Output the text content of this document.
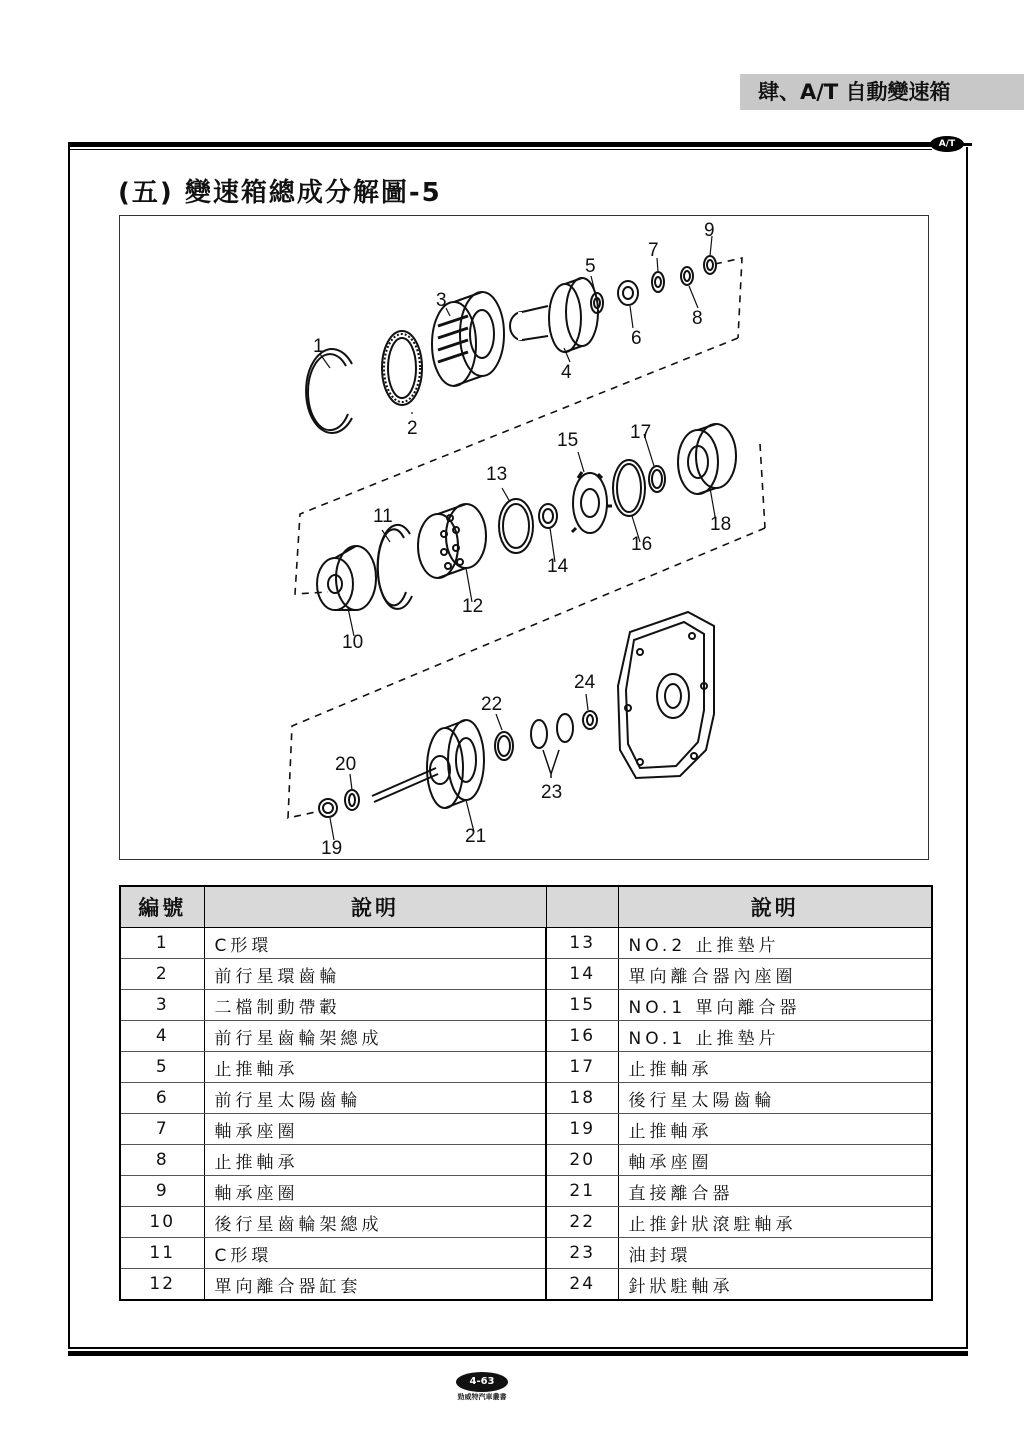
肆、A/T 自動變速箱
A/T
(五) 變速箱總成分解圖-5
1
2
3
4
5
6
7
8
9
10
11
12
13
14
15
16
17
18
19
20
21
22
23
24
編號	說明		說明
1	C形環	13	NO.2 止推墊片
2	前行星環齒輪	14	單向離合器內座圈
3	二檔制動帶轂	15	NO.1 單向離合器
4	前行星齒輪架總成	16	NO.1 止推墊片
5	止推軸承	17	止推軸承
6	前行星太陽齒輪	18	後行星太陽齒輪
7	軸承座圈	19	止推軸承
8	止推軸承	20	軸承座圈
9	軸承座圈	21	直接離合器
10	後行星齒輪架總成	22	止推針狀滾駐軸承
11	C形環	23	油封環
12	單向離合器缸套	24	針狀駐軸承
4-63
勁威特汽車叢書
